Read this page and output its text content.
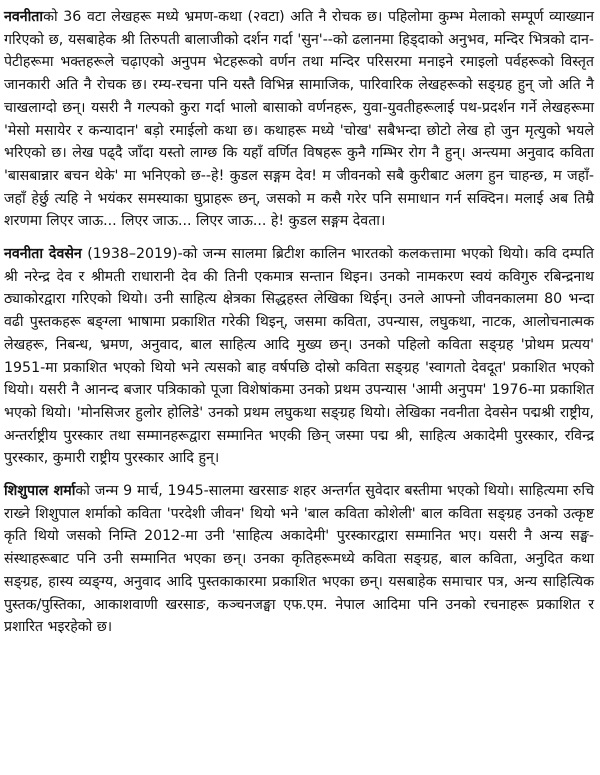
नवनीताको 36 वटा लेखहरू मध्ये भ्रमण-कथा (२वटा) अति नै रोचक छ। पहिलोमा कुम्भ मेलाको सम्पूर्ण व्याख्यान गरिएको छ, यसबाहेक श्री तिरुपती बालाजीको दर्शन गर्दा 'सुन'--को ढलानमा हिड्दाको अनुभव, मन्दिर भित्रको दान-पेटीहरूमा भक्तहरूले चढ़ाएको अनुपम भेटहरूको वर्णन तथा मन्दिर परिसरमा मनाइने रमाइलो पर्वहरूको विस्तृत जानकारी अति नै रोचक छ। रम्य-रचना पनि यस्तै विभिन्न सामाजिक, पारिवारिक लेखहरूको सङ्ग्रह हुन् जो अति नै चाखलाग्दो छन्। यसरी नै गल्पको कुरा गर्दा भालो बासाको वर्णनहरू, युवा-युवतीहरूलाई पथ-प्रदर्शन गर्ने लेखहरूमा 'मेसो मसायेर र कन्यादान' बड़ो रमाईलो कथा छ। कथाहरू मध्ये 'चोख' सबैभन्दा छोटो लेख हो जुन मृत्युको भयले भरिएको छ। लेख पढ्दै जाँदा यस्तो लाग्छ कि यहाँ वर्णित विषहरू कुनै गम्भिर रोग नै हुन्। अन्त्यमा अनुवाद कविता 'बासबान्नार बचन थेके' मा भनिएको छ--हे! कुडल सङ्गम देव! म जीवनको सबै कुरीबाट अलग हुन चाहन्छ, म जहाँ-जहाँ हेर्छु त्यहि ने भयंकर समस्याका घुप्राहरू छन्, जसको म कसै गरेर पनि समाधान गर्न सक्दिन। मलाई अब तिम्रै शरणमा लिएर जाऊ... लिएर जाऊ... लिएर जाऊ... हे! कुडल सङ्गम देवता।

नवनीता देवसेन (1938–2019)-को जन्म सालमा ब्रिटीश कालिन भारतको कलकत्तामा भएको थियो। कवि दम्पति श्री नरेन्द्र देव र श्रीमती राधारानी देव की तिनी एकमात्र सन्तान थिइन। उनको नामकरण स्वयं कविगुरु रबिन्द्रनाथ ठ्याकोरद्वारा गरिएको थियो। उनी साहित्य क्षेत्रका सिद्धहस्त लेखिका थिईन्। उनले आफ्नो जीवनकालमा 80 भन्दा वढी पुस्तकहरू बङ्ग्ला भाषामा प्रकाशित गरेकी थिइन्, जसमा कविता, उपन्यास, लघुकथा, नाटक, आलोचनात्मक लेखहरू, निबन्ध, भ्रमण, अनुवाद, बाल साहित्य आदि मुख्य छन्। उनको पहिलो कविता सङ्ग्रह 'प्रोथम प्रत्यय' 1951-मा प्रकाशित भएको थियो भने त्यसको बाह वर्षपछि दोस्रो कविता सङ्ग्रह 'स्वागतो देवदूत' प्रकाशित भएको थियो। यसरी नै आनन्द बजार पत्रिकाको पूजा विशेषांकमा उनको प्रथम उपन्यास 'आमी अनुपम' 1976-मा प्रकाशित भएको थियो। 'मोनसिजर हुलोर होलिडे' उनको प्रथम लघुकथा सङ्ग्रह थियो। लेखिका नवनीता देवसेन पद्मश्री राष्ट्रीय, अन्तर्राष्ट्रीय पुरस्कार तथा सम्मानहरूद्वारा सम्मानित भएकी छिन् जस्मा पद्म श्री, साहित्य अकादेमी पुरस्कार, रविन्द्र पुरस्कार, कुमारी राष्ट्रीय पुरस्कार आदि हुन्।

शिशुपाल शर्माको जन्म 9 मार्च, 1945-सालमा खरसाङ शहर अन्तर्गत सुवेदार बस्तीमा भएको थियो। साहित्यमा रुचि राख्ने शिशुपाल शर्माको कविता 'परदेशी जीवन' थियो भने 'बाल कविता कोशेली' बाल कविता सङ्ग्रह उनको उत्कृष्ट कृति थियो जसको निम्ति 2012-मा उनी 'साहित्य अकादेमी' पुरस्कारद्वारा सम्मानित भए। यसरी नै अन्य सङ्घ-संस्थाहरूबाट पनि उनी सम्मानित भएका छन्। उनका कृतिहरूमध्ये कविता सङ्ग्रह, बाल कविता, अनुदित कथा सङ्ग्रह, हास्य व्यङ्ग्य, अनुवाद आदि पुस्तकाकारमा प्रकाशित भएका छन्। यसबाहेक समाचार पत्र, अन्य साहित्यिक पुस्तक/पुस्तिका, आकाशवाणी खरसाङ, कञ्चनजङ्घा एफ.एम. नेपाल आदिमा पनि उनको रचनाहरू प्रकाशित र प्रशारित भइरहेको छ।
